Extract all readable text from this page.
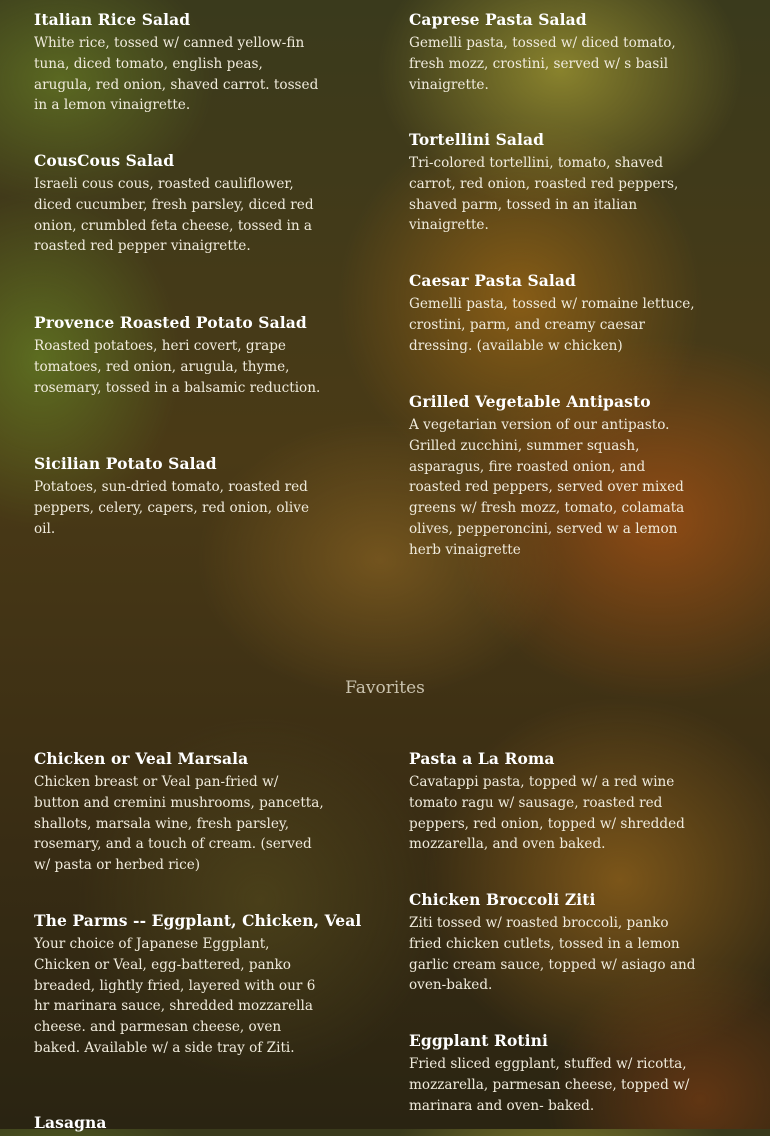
Italian Rice Salad

White rice, tossed w/ canned yellow-fin tuna, diced tomato, english peas, arugula, red onion, shaved carrot. tossed in a lemon vinaigrette.

CousCous Salad

Israeli cous cous, roasted cauliflower, diced cucumber, fresh parsley, diced red onion, crumbled feta cheese, tossed in a roasted red pepper vinaigrette.

Provence Roasted Potato Salad

Roasted potatoes, heri covert, grape tomatoes, red onion, arugula, thyme, rosemary, tossed in a balsamic reduction.

Sicilian Potato Salad

Potatoes, sun-dried tomato, roasted red peppers, celery, capers, red onion, olive oil.

Caprese Pasta Salad

Gemelli pasta, tossed w/ diced tomato, fresh mozz, crostini, served w/ s basil vinaigrette.

Tortellini Salad

Tri-colored tortellini, tomato, shaved carrot, red onion, roasted red peppers, shaved parm, tossed in an italian vinaigrette.

Caesar Pasta Salad

Gemelli pasta, tossed w/ romaine lettuce, crostini, parm, and creamy caesar dressing. (available w chicken)

Grilled Vegetable Antipasto

A vegetarian version of our antipasto. Grilled zucchini, summer squash, asparagus, fire roasted onion, and roasted red peppers, served over mixed greens w/ fresh mozz, tomato, colamata olives, pepperoncini, served w a lemon herb vinaigrette

Favorites
Chicken or Veal Marsala

Chicken breast or Veal pan-fried w/ button and cremini mushrooms, pancetta, shallots, marsala wine, fresh parsley, rosemary, and a touch of cream. (served w/ pasta or herbed rice)

The Parms -- Eggplant, Chicken, Veal

Your choice of Japanese Eggplant, Chicken or Veal, egg-battered, panko breaded, lightly fried, layered with our 6 hr marinara sauce, shredded mozzarella cheese. and parmesan cheese, oven baked. Available w/ a side tray of Ziti.

Lasagna
Pasta a La Roma

Cavatappi pasta, topped w/ a red wine tomato ragu w/ sausage, roasted red peppers, red onion, topped w/ shredded mozzarella, and oven baked.

Chicken Broccoli Ziti

Ziti tossed w/ roasted broccoli, panko fried chicken cutlets, tossed in a lemon garlic cream sauce, topped w/ asiago and oven-baked.

Eggplant Rotini

Fried sliced eggplant, stuffed w/ ricotta, mozzarella, parmesan cheese, topped w/ marinara and oven- baked.
